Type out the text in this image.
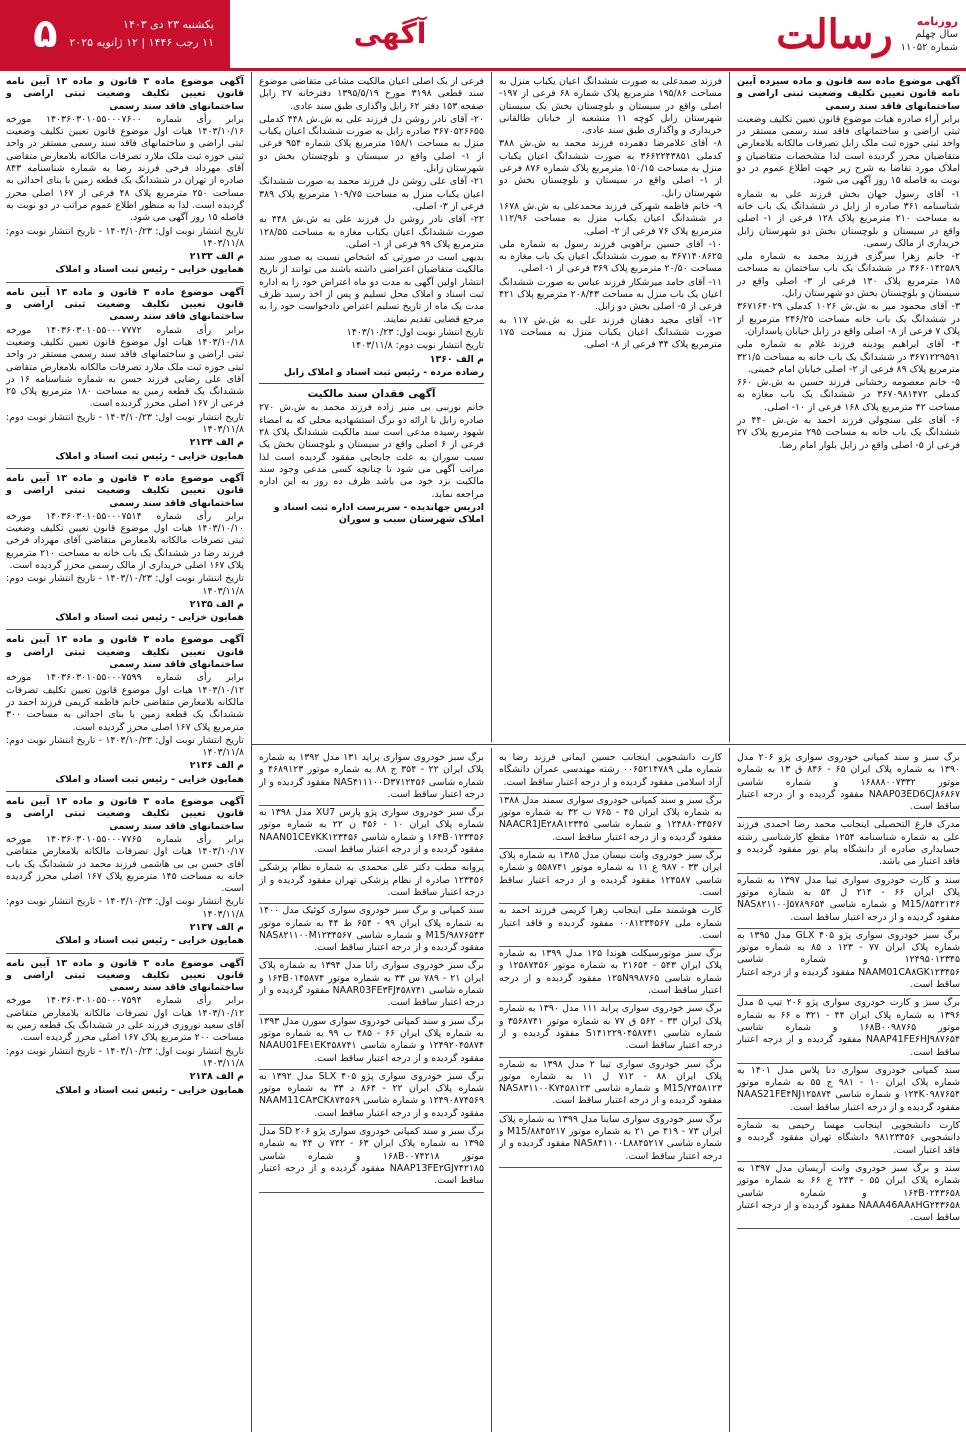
روزنامه
سال چهلم
شماره ۱۱۰۵۲
رسالت
آگهی
یکشنبه ۲۳ دی ۱۴۰۳
۱۱ رجب ۱۴۴۶ | ۱۲ ژانویه ۲۰۲۵
۵

آگهی موضوع ماده سه قانون و ماده سیزده آیین نامه قانون تعیین تکلیف وضعیت ثبتی اراضی و ساختمانهای فاقد سند رسمی

برابر آراء صادره هیات موضوع قانون تعیین تکلیف وضعیت ثبتی اراضی و ساختمانهای فاقد سند رسمی مستقر در واحد ثبتی حوزه ثبت ملک زابل تصرفات مالکانه بلامعارض متقاضیان محرز گردیده است لذا مشخصات متقاضیان و املاک مورد تقاضا به شرح زیر جهت اطلاع عموم در دو نوبت به فاصله ۱۵ روز آگهی می شود.

۱- آقای رسول جهان بخش فرزند علی به شماره شناسنامه ۳۶۱ صادره از زابل در ششدانگ یک باب خانه به مساحت ۲۱۰ مترمربع پلاک ۱۲۸ فرعی از ۱- اصلی واقع در سیستان و بلوچستان بخش دو شهرستان زابل خریداری از مالک رسمی.

۲- خانم زهرا سرگزی فرزند محمد به شماره ملی ۳۶۶۰۱۴۲۵۸۹ در ششدانگ یک باب ساختمان به مساحت ۱۸۵ مترمربع پلاک ۱۳۰ فرعی از ۳- اصلی واقع در سیستان و بلوچستان بخش دو شهرستان زابل.

۳- آقای محمود میر به ش.ش ۱۰۲۶ کدملی ۳۶۷۱۶۴۰۲۹ در ششدانگ یک باب خانه مساحت ۲۴۶/۲۵ مترمربع از پلاک ۷ فرعی از ۸- اصلی واقع در زابل خیابان پاسداران.

۴- آقای ابراهیم پودینه فرزند غلام به شماره ملی ۳۶۷۱۲۲۹۵۹۱ در ششدانگ یک باب خانه به مساحت ۳۲۱/۵ مترمربع پلاک ۸۹ فرعی از ۲- اصلی خیابان امام خمینی.

۵- خانم معصومه رخشانی فرزند حسین به ش.ش ۶۶۰ کدملی ۳۶۷۰۹۸۱۴۷۲ در ششدانگ یک باب مغازه به مساحت ۴۲ مترمربع پلاک ۱۶۸ فرعی از ۱۰- اصلی.

۶- آقای علی سنچولی فرزند احمد به ش.ش ۴۴۰ در ششدانگ یک باب خانه به مساحت ۲۹۵ مترمربع پلاک ۲۷ فرعی از ۵- اصلی واقع در زابل بلوار امام رضا.

فرزند صمدعلی به صورت ششدانگ اعیان یکباب منزل به مساحت ۱۹۵/۸۶ مترمربع پلاک شماره ۶۸ فرعی از ۱۹۷- اصلی واقع در سیستان و بلوچستان بخش یک سیستان شهرستان زابل کوچه ۱۱ منشعبه از خیابان طالقانی خریداری و واگذاری طبق سند عادی.

۸- آقای غلامرضا دهمرده فرزند محمد به ش.ش ۳۸۸ کدملی ۳۶۶۲۲۴۳۸۵۱ به صورت ششدانگ اعیان یکباب منزل به مساحت ۱۵۰/۱۵ مترمربع پلاک شماره ۸۷۶ فرعی از ۱- اصلی واقع در سیستان و بلوچستان بخش دو شهرستان زابل.

۹- خانم فاطمه شهرکی فرزند محمدعلی به ش.ش ۱۶۷۸ در ششدانگ اعیان یکباب منزل به مساحت ۱۱۲/۹۶ مترمربع پلاک ۷۶ فرعی از ۲- اصلی.

۱۰- آقای حسین براهویی فرزند رسول به شماره ملی ۳۶۷۱۴۰۸۶۲۵ به صورت ششدانگ اعیان یک باب مغازه به مساحت ۲۰/۵۰ مترمربع پلاک ۳۶۹ فرعی از ۱- اصلی.

۱۱- آقای حامد میرشکار فرزند عباس به صورت ششدانگ اعیان یک باب منزل به مساحت ۲۰۸/۴۳ مترمربع پلاک ۴۲۱ فرعی از ۵- اصلی بخش دو زابل.

۱۲- آقای مجید دهقان فرزند علی به ش.ش ۱۱۷ به صورت ششدانگ اعیان یکباب منزل به مساحت ۱۷۵ مترمربع پلاک ۳۴ فرعی از ۸- اصلی.

فرعی از یک اصلی اعیان مالکیت مشاعی متقاضی موضوع سند قطعی ۳۱۹۸ مورخ ۱۳۹۵/۵/۱۹ دفترخانه ۲۷ زابل صفحه ۱۵۳ دفتر ۶۲ زابل واگذاری طبق سند عادی.

۲۰- آقای نادر روشن دل فرزند علی به ش.ش ۴۴۸ کدملی ۳۶۷۰۵۲۶۶۵۵ صادره زابل به صورت ششدانگ اعیان یکباب منزل به مساحت ۱۵۸/۱ مترمربع پلاک شماره ۹۵۴ فرعی از ۱- اصلی واقع در سیستان و بلوچستان بخش دو شهرستان زابل.

۲۱- آقای علی روشن دل فرزند محمد به صورت ششدانگ اعیان یکباب منزل به مساحت ۱۰۹/۷۵ مترمربع پلاک ۳۸۹ فرعی از ۳- اصلی.

۲۲- آقای نادر روشن دل فرزند علی به ش.ش ۴۴۸ به صورت ششدانگ اعیان یکباب مغازه به مساحت ۱۲۸/۵۵ مترمربع پلاک ۹۹ فرعی از ۱- اصلی.

بدیهی است در صورتی که اشخاص نسبت به صدور سند مالکیت متقاضیان اعتراضی داشته باشند می توانند از تاریخ انتشار اولین آگهی به مدت دو ماه اعتراض خود را به اداره ثبت اسناد و املاک محل تسلیم و پس از اخذ رسید ظرف مدت یک ماه از تاریخ تسلیم اعتراض دادخواست خود را به مرجع قضایی تقدیم نمایند.

تاریخ انتشار نوبت اول: ۱۴۰۳/۱۰/۲۳

تاریخ انتشار نوبت دوم: ۱۴۰۳/۱۱/۸

م الف ۱۳۶۰

رضاده مرده - رئیس ثبت اسناد و املاک زابل

آگهی فقدان سند مالکیت

خانم نورنبی بی منیر زاده فرزند محمد به ش.ش ۲۷۰ صادره زابل با ارائه دو برگ استشهادیه محلی که به امضاء شهود رسیده مدعی است سند مالکیت ششدانگ پلاک ۲۸ فرعی از ۶ اصلی واقع در سیستان و بلوچستان بخش یک سیب سوران به علت جابجایی مفقود گردیده است لذا مراتب آگهی می شود تا چنانچه کسی مدعی وجود سند مالکیت نزد خود می باشد ظرف ده روز به این اداره مراجعه نماید.

ادریس جهانديده - سرپرست اداره ثبت اسناد و املاک شهرستان سیب و سوران

برگ سبز و سند کمپانی خودروی سواری پژو ۲۰۶ مدل ۱۳۹۰ به شماره پلاک ایران ۶۵ - ۸۴۶ ق ۱۳ به شماره موتور ۱۶۸۸۸۰۰۷۳۳۲ و شماره شاسی NAAP03ED6CJ۸۶۸۶۷ مفقود گردیده و از درجه اعتبار ساقط است.

مدرک فارغ التحصیلی اینجانب محمد رضا احمدی فرزند علی به شماره شناسنامه ۱۲۵۴ مقطع کارشناسی رشته حسابداری صادره از دانشگاه پیام نور مفقود گردیده و فاقد اعتبار می باشد.

سند و کارت خودروی سواری تیبا مدل ۱۳۹۷ به شماره پلاک ایران ۶۶ - ۲۱۴ ل ۵۴ به شماره موتور M15/۸۵۴۲۱۳۶ و شماره شاسی NAS۸۲۱۱۰۰J۵۷۸۹۶۵۴ مفقود گردیده و از درجه اعتبار ساقط است.

برگ سبز خودروی سواری پژو ۴۰۵ GLX مدل ۱۳۹۵ به شماره پلاک ایران ۷۷ - ۱۲۳ د ۸۵ به شماره موتور ۱۲۴۹۵۰۱۲۳۴۵ و شماره شاسی NAAM01CA۸GK۱۲۳۴۵۶ مفقود گردیده و از درجه اعتبار ساقط است.

برگ سبز و کارت خودروی سواری پژو ۲۰۶ تیپ ۵ مدل ۱۳۹۶ به شماره پلاک ایران ۴۴ - ۳۲۱ ه ۶۶ به شماره موتور ۱۶۸B۰۰۹۸۷۶۵ و شماره شاسی NAAP41FE۶HJ۹۸۷۶۵۴ مفقود گردیده و از درجه اعتبار ساقط است.

سند کمپانی خودروی سواری دنا پلاس مدل ۱۴۰۱ به شماره پلاک ایران ۱۰ - ۹۸۱ ج ۵۵ به شماره موتور ۱۲۴K۰۹۸۷۶۵۴ و شماره شاسی NAAS21FE۴NJ۱۲۵۸۷۴ مفقود گردیده و از درجه اعتبار ساقط است.

کارت دانشجویی اینجانب مهسا رحیمی به شماره دانشجویی ۹۸۱۲۳۴۵۶ دانشگاه تهران مفقود گردیده و فاقد اعتبار است.

سند و برگ سبز خودروی وانت آریسان مدل ۱۳۹۷ به شماره پلاک ایران ۵۵ - ۲۴۳ ع ۶۶ به شماره موتور ۱۶۴B۰۲۴۳۶۵۸ و شماره شاسی NAAA46AA۸HG۲۴۳۶۵۸ مفقود گردیده و از درجه اعتبار ساقط است.

کارت دانشجویی اینجانب حسین ایمانی فرزند رضا به شماره ملی ۰۰۶۵۲۱۴۷۸۹ رشته مهندسی عمران دانشگاه آزاد اسلامی مفقود گردیده و از درجه اعتبار ساقط است.

برگ سبز و سند کمپانی خودروی سواری سمند مدل ۱۳۸۸ به شماره پلاک ایران ۴۵ - ۷۶۵ ب ۳۲ به شماره موتور ۱۲۴۸۸۰۳۴۵۶۷ و شماره شاسی NAACR1JE۲۸A۱۲۳۴۵ مفقود گردیده و از درجه اعتبار ساقط است.

برگ سبز خودروی وانت نیسان مدل ۱۳۸۵ به شماره پلاک ایران ۳۳ - ۹۸۷ ع ۱۱ به شماره موتور ۵۵۸۷۴۱ و شماره شاسی ۱۲۴۵۸۷ مفقود گردیده و از درجه اعتبار ساقط است.

کارت هوشمند ملی اینجانب زهرا کریمی فرزند احمد به شماره ملی ۰۰۸۱۲۳۴۵۶۷ مفقود گردیده و فاقد اعتبار است.

برگ سبز موتورسیکلت هوندا ۱۲۵ مدل ۱۳۹۹ به شماره پلاک ایران ۵۴۳ - ۲۱۶۵۴ به شماره موتور ۱۲۵۸۷۴۵۶ و شماره شاسی ۱۲۵N۹۹۸۷۶۵ مفقود گردیده و از درجه اعتبار ساقط است.

برگ سبز خودروی سواری پراید ۱۱۱ مدل ۱۳۹۰ به شماره پلاک ایران ۳۳ - ۵۶۲ ق ۷۷ به شماره موتور ۳۵۶۸۷۴۱ و شماره شاسی S۱۴۱۲۲۹۰۴۵۸۷۴۱ مفقود گردیده و از درجه اعتبار ساقط است.

برگ سبز خودروی سواری تیبا ۲ مدل ۱۳۹۸ به شماره پلاک ایران ۸۸ - ۷۱۲ ل ۱۱ به شماره موتور M15/۷۴۵۸۱۲۳ و شماره شاسی NAS۸۳۱۱۰۰K۷۴۵۸۱۲۳ مفقود گردیده و از درجه اعتبار ساقط است.

برگ سبز خودروی سواری ساینا مدل ۱۳۹۹ به شماره پلاک ایران ۷۳ - ۴۱۹ ص ۲۱ به شماره موتور M15/۸۸۴۵۲۱۷ و شماره شاسی NAS۸۴۱۱۰۰L۸۸۴۵۲۱۷ مفقود گردیده و از درجه اعتبار ساقط است.

برگ سبز خودروی سواری پراید ۱۳۱ مدل ۱۳۹۲ به شماره پلاک ایران ۲۲ - ۳۵۴ ج ۸۸ به شماره موتور ۴۶۸۹۱۲۳ و شماره شاسی NAS۴۱۱۱۰۰D۳۷۱۲۴۵۶ مفقود گردیده و از درجه اعتبار ساقط است.

برگ سبز خودروی سواری پژو پارس XU7 مدل ۱۳۹۸ به شماره پلاک ایران ۱۰ - ۴۵۶ ن ۲۲ به شماره موتور ۱۶۴B۰۱۲۳۴۵۶ و شماره شاسی NAAN01CE۷KK۱۲۳۴۵۶ مفقود گردیده و از درجه اعتبار ساقط است.

پروانه مطب دکتر علی محمدی به شماره نظام پزشکی ۱۲۳۴۵۶ صادره از نظام پزشکی تهران مفقود گردیده و از درجه اعتبار ساقط است.

سند کمپانی و برگ سبز خودروی سواری کوئیک مدل ۱۴۰۰ به شماره پلاک ایران ۹۹ - ۶۵۴ ط ۴۴ به شماره موتور M15/۹۸۷۶۵۴۳ و شماره شاسی NAS۸۲۱۱۰۰M۱۲۳۴۵۶۷ مفقود گردیده و از درجه اعتبار ساقط است.

برگ سبز خودروی سواری رانا مدل ۱۳۹۴ به شماره پلاک ایران ۲۱ - ۷۸۹ س ۳۳ به شماره موتور ۱۶۴B۰۱۴۵۸۷۴ و شماره شاسی NAAR03FE۳FJ۴۵۸۷۴۱ مفقود گردیده و از درجه اعتبار ساقط است.

برگ سبز و سند کمپانی خودروی سواری سورن مدل ۱۳۹۳ به شماره پلاک ایران ۶۶ - ۴۸۵ ب ۹۹ به شماره موتور ۱۲۴۹۲۰۴۵۸۷۴ و شماره شاسی NAAU01FE۱EK۴۵۸۷۴۱ مفقود گردیده و از درجه اعتبار ساقط است.

برگ سبز خودروی سواری پژو ۴۰۵ SLX مدل ۱۳۹۲ به شماره پلاک ایران ۲۲ - ۸۶۴ د ۳۳ به شماره موتور ۱۲۴۹۰۸۷۴۵۶۹ و شماره شاسی NAAM11CA۳CK۸۷۴۵۶۹ مفقود گردیده و از درجه اعتبار ساقط است.

برگ سبز و سند کمپانی خودروی سواری پژو ۲۰۶ SD مدل ۱۳۹۵ به شماره پلاک ایران ۶۳ - ۷۴۲ ن ۴۴ به شماره موتور ۱۶۸B۰۰۷۴۲۱۸ و شماره شاسی NAAP13FE۲GJ۷۴۲۱۸۵ مفقود گردیده و از درجه اعتبار ساقط است.

آگهی موضوع ماده ۳ قانون و ماده ۱۳ آیین نامه قانون تعیین تکلیف وضعیت ثبتی اراضی و ساختمانهای فاقد سند رسمی

برابر رأی شماره ۱۴۰۳۶۰۳۰۱۰۵۵۰۰۰۷۶۰۰ مورخه ۱۴۰۳/۱۰/۱۶ هیات اول موضوع قانون تعیین تکلیف وضعیت ثبتی اراضی و ساختمانهای فاقد سند رسمی مستقر در واحد ثبتی حوزه ثبت ملک ملارد تصرفات مالکانه بلامعارض متقاضی آقای مهرداد فرخی فرزند رضا به شماره شناسنامه ۸۴۳ صادره از تهران در ششدانگ یک قطعه زمین با بنای احداثی به مساحت ۲۵۰ مترمربع پلاک ۴۸ فرعی از ۱۶۷ اصلی محرز گردیده است. لذا به منظور اطلاع عموم مراتب در دو نوبت به فاصله ۱۵ روز آگهی می شود.

تاریخ انتشار نوبت اول: ۱۴۰۳/۱۰/۲۳ - تاریخ انتشار نوبت دوم: ۱۴۰۳/۱۱/۸

م الف ۲۱۳۳

همایون خزایی - رئیس ثبت اسناد و املاک

آگهی موضوع ماده ۳ قانون و ماده ۱۳ آیین نامه قانون تعیین تکلیف وضعیت ثبتی اراضی و ساختمانهای فاقد سند رسمی

برابر رأی شماره ۱۴۰۳۶۰۳۰۱۰۵۵۰۰۰۷۷۷۲ مورخه ۱۴۰۳/۱۰/۱۸ هیات اول موضوع قانون تعیین تکلیف وضعیت ثبتی اراضی و ساختمانهای فاقد سند رسمی مستقر در واحد ثبتی حوزه ثبت ملک ملارد تصرفات مالکانه بلامعارض متقاضی آقای علی رضایی فرزند حسن به شماره شناسنامه ۱۶ در ششدانگ یک قطعه زمین به مساحت ۱۸۰ مترمربع پلاک ۲۵ فرعی از ۱۶۷ اصلی محرز گردیده است.

تاریخ انتشار نوبت اول: ۱۴۰۳/۱۰/۲۳ - تاریخ انتشار نوبت دوم: ۱۴۰۳/۱۱/۸

م الف ۲۱۳۴

همایون خزایی - رئیس ثبت اسناد و املاک

آگهی موضوع ماده ۳ قانون و ماده ۱۳ آیین نامه قانون تعیین تکلیف وضعیت ثبتی اراضی و ساختمانهای فاقد سند رسمی

برابر رأی شماره ۱۴۰۳۶۰۳۰۱۰۵۵۰۰۰۷۵۱۴ مورخه ۱۴۰۳/۱۰/۱۰ هیات اول موضوع قانون تعیین تکلیف وضعیت ثبتی تصرفات مالکانه بلامعارض متقاضی آقای مهرداد فرخی فرزند رضا در ششدانگ یک باب خانه به مساحت ۲۱۰ مترمربع پلاک ۱۶۷ اصلی خریداری از مالک رسمی محرز گردیده است.

تاریخ انتشار نوبت اول: ۱۴۰۳/۱۰/۲۳ - تاریخ انتشار نوبت دوم: ۱۴۰۳/۱۱/۸

م الف ۲۱۳۵

همایون خزایی - رئیس ثبت اسناد و املاک

آگهی موضوع ماده ۳ قانون و ماده ۱۳ آیین نامه قانون تعیین تکلیف وضعیت ثبتی اراضی و ساختمانهای فاقد سند رسمی

برابر رأی شماره ۱۴۰۳۶۰۳۰۱۰۵۵۰۰۰۷۵۹۹ مورخه ۱۴۰۳/۱۰/۱۲ هیات اول موضوع قانون تعیین تکلیف تصرفات مالکانه بلامعارض متقاضی خانم فاطمه کریمی فرزند احمد در ششدانگ یک قطعه زمین با بنای احداثی به مساحت ۳۰۰ مترمربع پلاک ۱۶۷ اصلی محرز گردیده است.

تاریخ انتشار نوبت اول: ۱۴۰۳/۱۰/۲۳ - تاریخ انتشار نوبت دوم: ۱۴۰۳/۱۱/۸

م الف ۲۱۳۶

همایون خزایی - رئیس ثبت اسناد و املاک

آگهی موضوع ماده ۳ قانون و ماده ۱۳ آیین نامه قانون تعیین تکلیف وضعیت ثبتی اراضی و ساختمانهای فاقد سند رسمی

برابر رأی شماره ۱۴۰۳۶۰۳۰۱۰۵۵۰۰۰۷۷۶۵ مورخه ۱۴۰۳/۱۰/۱۷ هیات اول تصرفات مالکانه بلامعارض متقاضی آقای حسن بی بی هاشمی فرزند محمد در ششدانگ یک باب خانه به مساحت ۱۴۵ مترمربع پلاک ۱۶۷ اصلی محرز گردیده است.

تاریخ انتشار نوبت اول: ۱۴۰۳/۱۰/۲۳ - تاریخ انتشار نوبت دوم: ۱۴۰۳/۱۱/۸

م الف ۲۱۳۷

همایون خزایی - رئیس ثبت اسناد و املاک

آگهی موضوع ماده ۳ قانون و ماده ۱۳ آیین نامه قانون تعیین تکلیف وضعیت ثبتی اراضی و ساختمانهای فاقد سند رسمی

برابر رأی شماره ۱۴۰۳۶۰۳۰۱۰۵۵۰۰۰۷۵۹۴ مورخه ۱۴۰۳/۱۰/۱۲ هیات اول تصرفات مالکانه بلامعارض متقاضی آقای سعید نوروزی فرزند علی در ششدانگ یک قطعه زمین به مساحت ۲۰۰ مترمربع پلاک ۱۶۷ اصلی محرز گردیده است.

تاریخ انتشار نوبت اول: ۱۴۰۳/۱۰/۲۳ - تاریخ انتشار نوبت دوم: ۱۴۰۳/۱۱/۸

م الف ۲۱۳۸

همایون خزایی - رئیس ثبت اسناد و املاک
